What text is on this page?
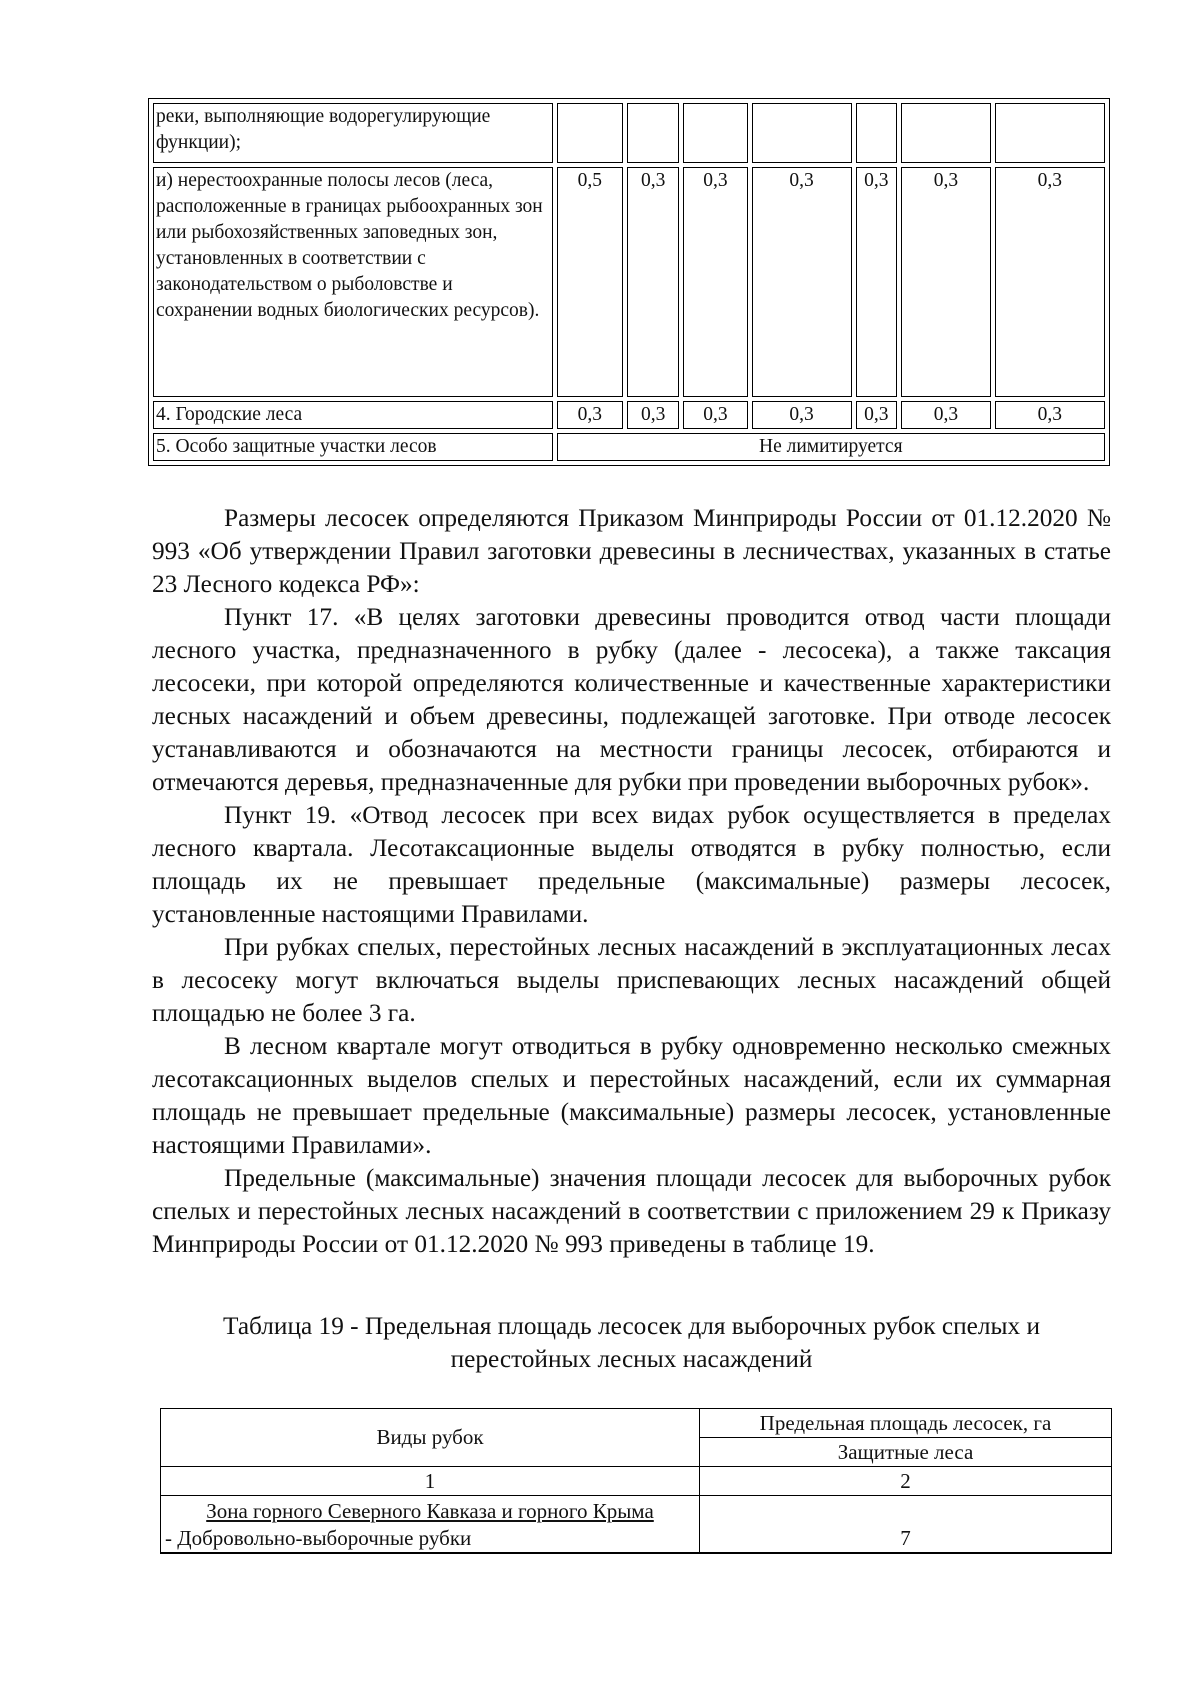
реки, выполняющие водорегулирующие функции);							
и) нерестоохранные полосы лесов (леса, расположенные в границах рыбоохранных зон или рыбохозяйственных заповедных зон, установленных в соответствии с законодательством о рыболовстве и сохранении водных биологических ресурсов).	0,5	0,3	0,3	0,3	0,3	0,3	0,3
4. Городские леса	0,3	0,3	0,3	0,3	0,3	0,3	0,3
5. Особо защитные участки лесов	Не лимитируется						

Размеры лесосек определяются Приказом Минприроды России от 01.12.2020 № 993 «Об утверждении Правил заготовки древесины в лесничествах, указанных в статье 23 Лесного кодекса РФ»:

Пункт 17. «В целях заготовки древесины проводится отвод части площади лесного участка, предназначенного в рубку (далее - лесосека), а также таксация лесосеки, при которой определяются количественные и качественные характеристики лесных насаждений и объем древесины, подлежащей заготовке. При отводе лесосек устанавливаются и обозначаются на местности границы лесосек, отбираются и отмечаются деревья, предназначенные для рубки при проведении выборочных рубок».

Пункт 19. «Отвод лесосек при всех видах рубок осуществляется в пределах лесного квартала. Лесотаксационные выделы отводятся в рубку полностью, если площадь их не превышает предельные (максимальные) размеры лесосек, установленные настоящими Правилами.

При рубках спелых, перестойных лесных насаждений в эксплуатационных лесах в лесосеку могут включаться выделы приспевающих лесных насаждений общей площадью не более 3 га.

В лесном квартале могут отводиться в рубку одновременно несколько смежных лесотаксационных выделов спелых и перестойных насаждений, если их суммарная площадь не превышает предельные (максимальные) размеры лесосек, установленные настоящими Правилами».

Предельные (максимальные) значения площади лесосек для выборочных рубок спелых и перестойных лесных насаждений в соответствии с приложением 29 к Приказу Минприроды России от 01.12.2020 № 993 приведены в таблице 19.

Таблица 19 - Предельная площадь лесосек для выборочных рубок спелых и

перестойных лесных насаждений

Виды рубок	Предельная площадь лесосек, га
	Защитные леса
1	2

Зона горного Северного Кавказа и горного Крыма
- Добровольно-выборочные рубки	7
